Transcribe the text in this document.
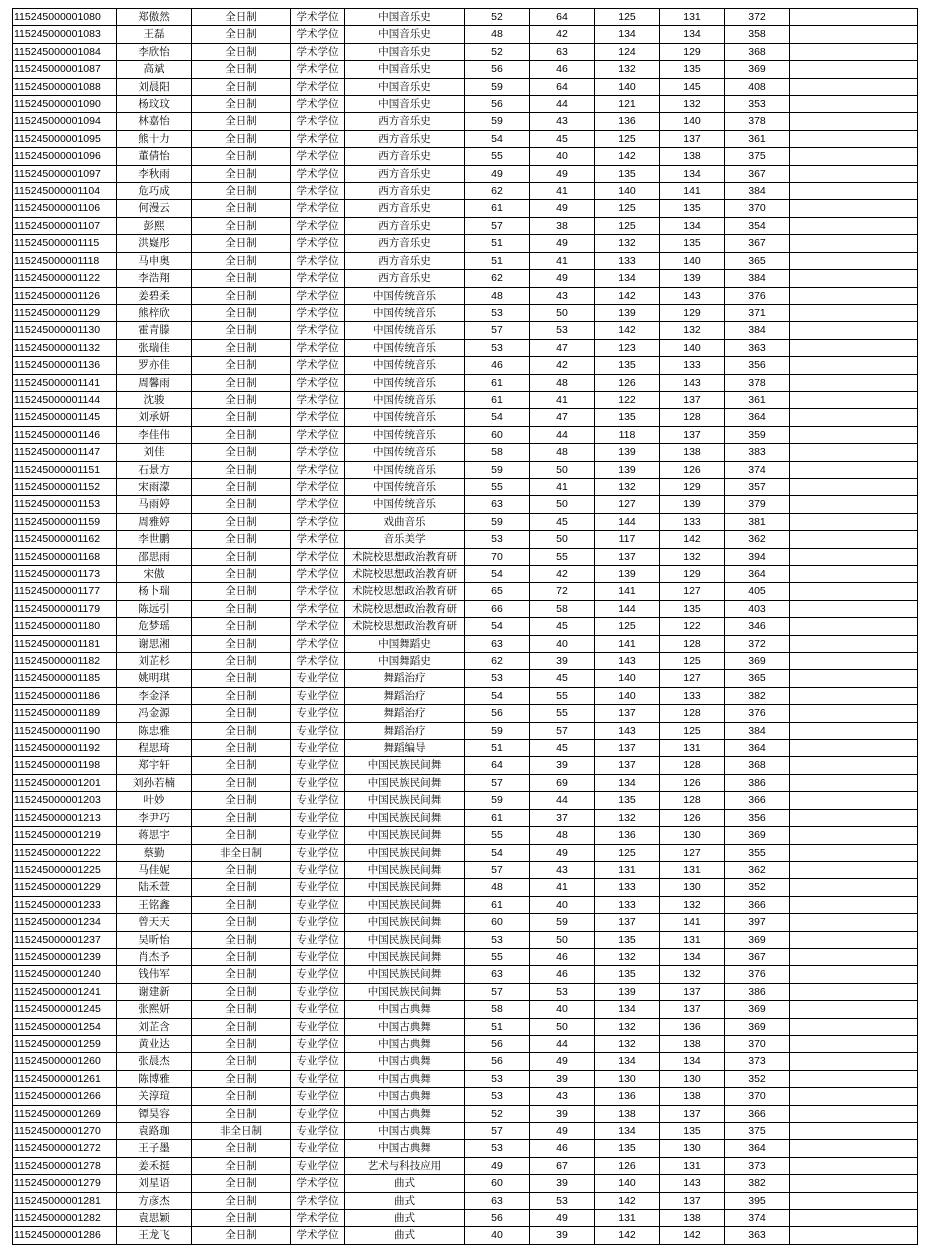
115245000001080	郑傲然	全日制	学术学位	中国音乐史	52	64	125	131	372	
115245000001083	王磊	全日制	学术学位	中国音乐史	48	42	134	134	358	
115245000001084	李欣怡	全日制	学术学位	中国音乐史	52	63	124	129	368	
115245000001087	高斌	全日制	学术学位	中国音乐史	56	46	132	135	369	
115245000001088	刘晨阳	全日制	学术学位	中国音乐史	59	64	140	145	408	
115245000001090	杨玟玟	全日制	学术学位	中国音乐史	56	44	121	132	353	
115245000001094	林嘉怡	全日制	学术学位	西方音乐史	59	43	136	140	378	
115245000001095	熊十力	全日制	学术学位	西方音乐史	54	45	125	137	361	
115245000001096	董倩怡	全日制	学术学位	西方音乐史	55	40	142	138	375	
115245000001097	李秋雨	全日制	学术学位	西方音乐史	49	49	135	134	367	
115245000001104	危巧成	全日制	学术学位	西方音乐史	62	41	140	141	384	
115245000001106	何漫云	全日制	学术学位	西方音乐史	61	49	125	135	370	
115245000001107	彭熙	全日制	学术学位	西方音乐史	57	38	125	134	354	
115245000001115	洪嶷彤	全日制	学术学位	西方音乐史	51	49	132	135	367	
115245000001118	马申奥	全日制	学术学位	西方音乐史	51	41	133	140	365	
115245000001122	李浩翔	全日制	学术学位	西方音乐史	62	49	134	139	384	
115245000001126	姜碧柔	全日制	学术学位	中国传统音乐	48	43	142	143	376	
115245000001129	熊梓欣	全日制	学术学位	中国传统音乐	53	50	139	129	371	
115245000001130	霍青滕	全日制	学术学位	中国传统音乐	57	53	142	132	384	
115245000001132	张瑞佳	全日制	学术学位	中国传统音乐	53	47	123	140	363	
115245000001136	罗亦佳	全日制	学术学位	中国传统音乐	46	42	135	133	356	
115245000001141	周馨雨	全日制	学术学位	中国传统音乐	61	48	126	143	378	
115245000001144	沈骏	全日制	学术学位	中国传统音乐	61	41	122	137	361	
115245000001145	刘承妍	全日制	学术学位	中国传统音乐	54	47	135	128	364	
115245000001146	李佳伟	全日制	学术学位	中国传统音乐	60	44	118	137	359	
115245000001147	刘佳	全日制	学术学位	中国传统音乐	58	48	139	138	383	
115245000001151	石景方	全日制	学术学位	中国传统音乐	59	50	139	126	374	
115245000001152	宋雨濛	全日制	学术学位	中国传统音乐	55	41	132	129	357	
115245000001153	马雨婷	全日制	学术学位	中国传统音乐	63	50	127	139	379	
115245000001159	周雅婷	全日制	学术学位	戏曲音乐	59	45	144	133	381	
115245000001162	李世鹏	全日制	学术学位	音乐美学	53	50	117	142	362	
115245000001168	邵思雨	全日制	学术学位	术院校思想政治教育研	70	55	137	132	394	
115245000001173	宋傲	全日制	学术学位	术院校思想政治教育研	54	42	139	129	364	
115245000001177	杨卜瑞	全日制	学术学位	术院校思想政治教育研	65	72	141	127	405	
115245000001179	陈远引	全日制	学术学位	术院校思想政治教育研	66	58	144	135	403	
115245000001180	危梦瑶	全日制	学术学位	术院校思想政治教育研	54	45	125	122	346	
115245000001181	谢思湘	全日制	学术学位	中国舞蹈史	63	40	141	128	372	
115245000001182	刘芷杉	全日制	学术学位	中国舞蹈史	62	39	143	125	369	
115245000001185	姚明琪	全日制	专业学位	舞蹈治疗	53	45	140	127	365	
115245000001186	李金泽	全日制	专业学位	舞蹈治疗	54	55	140	133	382	
115245000001189	冯金源	全日制	专业学位	舞蹈治疗	56	55	137	128	376	
115245000001190	陈忠雅	全日制	专业学位	舞蹈治疗	59	57	143	125	384	
115245000001192	程思琦	全日制	专业学位	舞蹈编导	51	45	137	131	364	
115245000001198	郑宇轩	全日制	专业学位	中国民族民间舞	64	39	137	128	368	
115245000001201	刘孙若楠	全日制	专业学位	中国民族民间舞	57	69	134	126	386	
115245000001203	叶妙	全日制	专业学位	中国民族民间舞	59	44	135	128	366	
115245000001213	李尹巧	全日制	专业学位	中国民族民间舞	61	37	132	126	356	
115245000001219	蒋思宇	全日制	专业学位	中国民族民间舞	55	48	136	130	369	
115245000001222	蔡勤	非全日制	专业学位	中国民族民间舞	54	49	125	127	355	
115245000001225	马佳妮	全日制	专业学位	中国民族民间舞	57	43	131	131	362	
115245000001229	陆禾萱	全日制	专业学位	中国民族民间舞	48	41	133	130	352	
115245000001233	王铭鑫	全日制	专业学位	中国民族民间舞	61	40	133	132	366	
115245000001234	曾天天	全日制	专业学位	中国民族民间舞	60	59	137	141	397	
115245000001237	吴昕怡	全日制	专业学位	中国民族民间舞	53	50	135	131	369	
115245000001239	肖杰予	全日制	专业学位	中国民族民间舞	55	46	132	134	367	
115245000001240	钱伟军	全日制	专业学位	中国民族民间舞	63	46	135	132	376	
115245000001241	谢建新	全日制	专业学位	中国民族民间舞	57	53	139	137	386	
115245000001245	张熙妍	全日制	专业学位	中国古典舞	58	40	134	137	369	
115245000001254	刘芷含	全日制	专业学位	中国古典舞	51	50	132	136	369	
115245000001259	黄业达	全日制	专业学位	中国古典舞	56	44	132	138	370	
115245000001260	张晨杰	全日制	专业学位	中国古典舞	56	49	134	134	373	
115245000001261	陈博雅	全日制	专业学位	中国古典舞	53	39	130	130	352	
115245000001266	关淳瑄	全日制	专业学位	中国古典舞	53	43	136	138	370	
115245000001269	镡昊容	全日制	专业学位	中国古典舞	52	39	138	137	366	
115245000001270	袁路珈	非全日制	专业学位	中国古典舞	57	49	134	135	375	
115245000001272	王子墨	全日制	专业学位	中国古典舞	53	46	135	130	364	
115245000001278	姜禾挺	全日制	专业学位	艺术与科技应用	49	67	126	131	373	
115245000001279	刘星语	全日制	学术学位	曲式	60	39	140	143	382	
115245000001281	方彦杰	全日制	学术学位	曲式	63	53	142	137	395	
115245000001282	袁思颖	全日制	学术学位	曲式	56	49	131	138	374	
115245000001286	王龙飞	全日制	学术学位	曲式	40	39	142	142	363	
